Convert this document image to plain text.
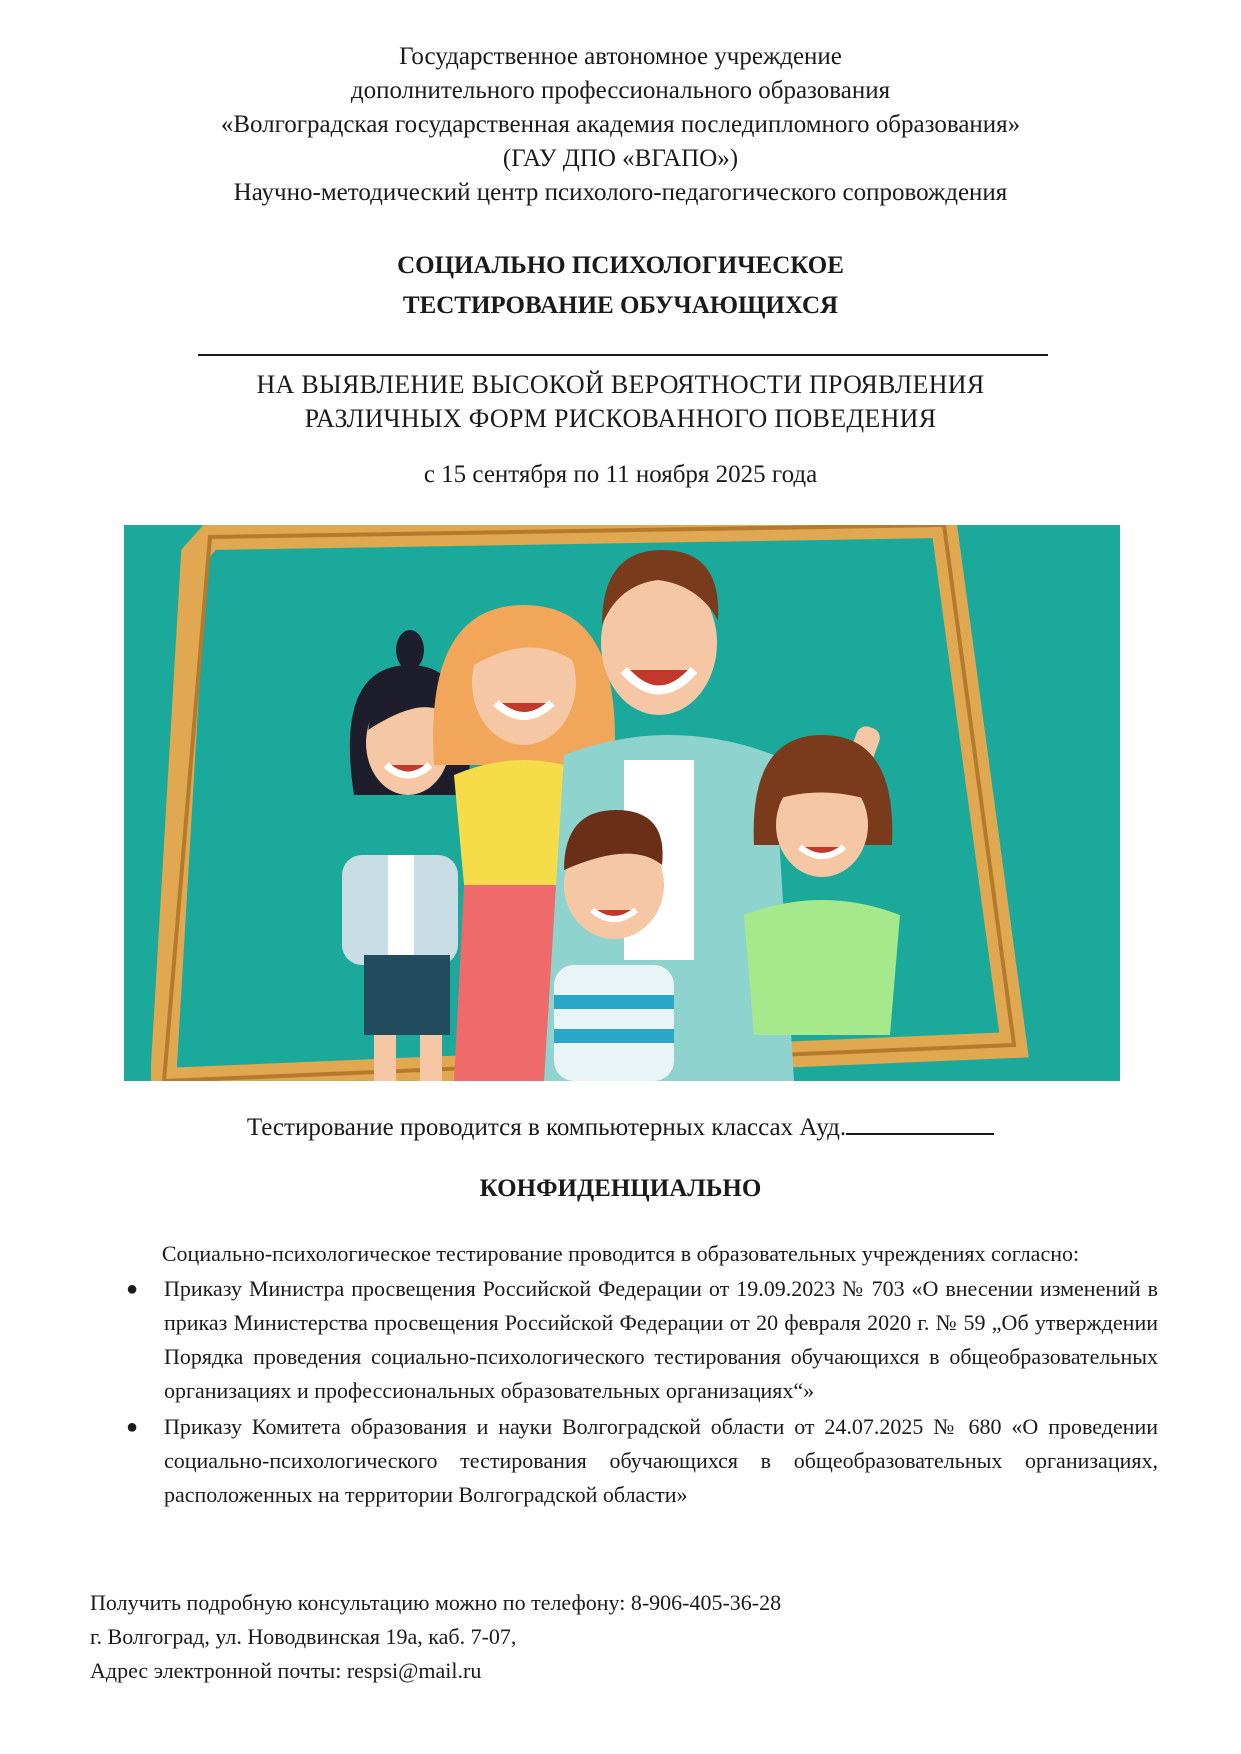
Государственное автономное учреждение
дополнительного профессионального образования
«Волгоградская государственная академия последипломного образования»
(ГАУ ДПО «ВГАПО»)
Научно-методический центр психолого-педагогического сопровождения
СОЦИАЛЬНО ПСИХОЛОГИЧЕСКОЕ
ТЕСТИРОВАНИЕ ОБУЧАЮЩИХСЯ
НА ВЫЯВЛЕНИЕ ВЫСОКОЙ ВЕРОЯТНОСТИ ПРОЯВЛЕНИЯ
РАЗЛИЧНЫХ ФОРМ РИСКОВАННОГО ПОВЕДЕНИЯ
с 15 сентября по 11 ноября 2025 года
Тестирование проводится в компьютерных классах Ауд.
КОНФИДЕНЦИАЛЬНО
Социально-психологическое тестирование проводится в образовательных учреждениях согласно:
● Приказу Министра просвещения Российской Федерации от 19.09.2023 № 703 «О внесении изменений в приказ Министерства просвещения Российской Федерации от 20 февраля 2020 г. № 59 „Об утверждении Порядка проведения социально-психологического тестирования обучающихся в общеобразовательных организациях и профессиональных образовательных организациях“»
● Приказу Комитета образования и науки Волгоградской области от 24.07.2025 № 680 «О проведении социально-психологического тестирования обучающихся в общеобразовательных организациях, расположенных на территории Волгоградской области»
Получить подробную консультацию можно по телефону: 8-906-405-36-28
г. Волгоград, ул. Новодвинская 19а, каб. 7-07,
Адрес электронной почты: respsi@mail.ru
